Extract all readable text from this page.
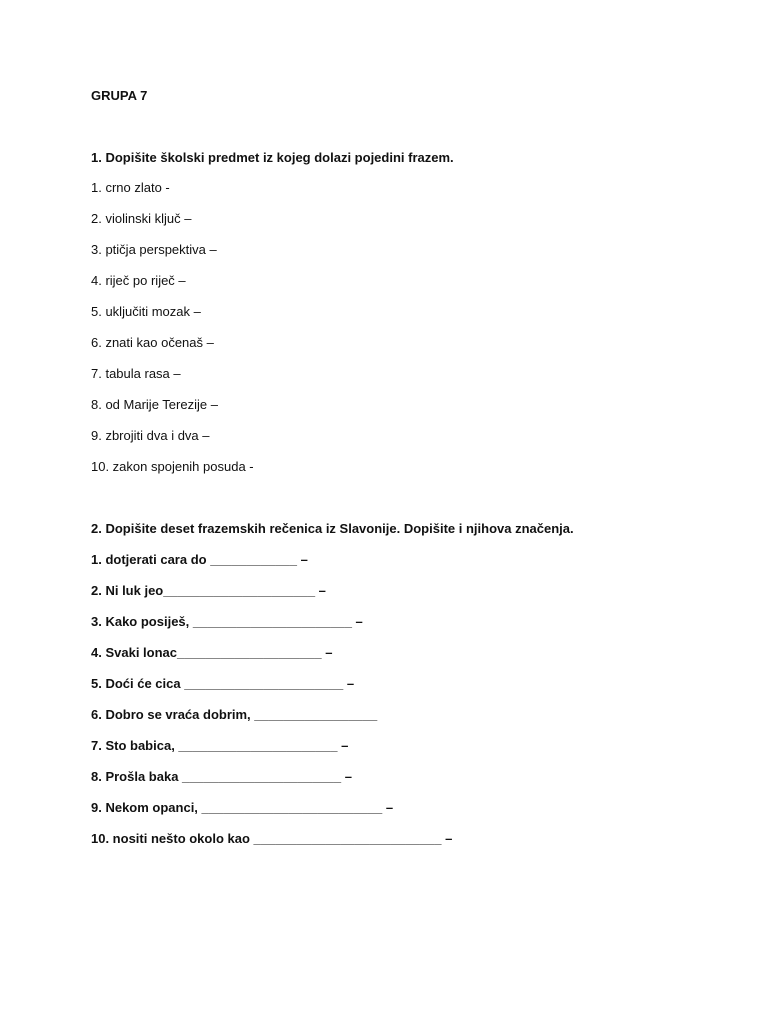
GRUPA 7
1. Dopišite školski predmet iz kojeg dolazi pojedini frazem.
1. crno zlato -
2. violinski ključ –
3. ptičja perspektiva –
4. riječ po riječ –
5. uključiti mozak –
6. znati kao očenaš –
7. tabula rasa –
8. od Marije Terezije –
9. zbrojiti dva i dva –
10. zakon spojenih posuda -
2. Dopišite deset frazemskih rečenica iz Slavonije. Dopišite i njihova značenja.
1. dotjerati cara do ____________ –
2. Ni luk jeo_____________________ –
3. Kako posiješ, ______________________ –
4. Svaki lonac____________________ –
5. Doći će cica ______________________ –
6. Dobro se vraća dobrim, _________________
7. Sto babica, ______________________ –
8. Prošla baka ______________________ –
9. Nekom opanci, _________________________ –
10. nositi nešto okolo kao __________________________ –
